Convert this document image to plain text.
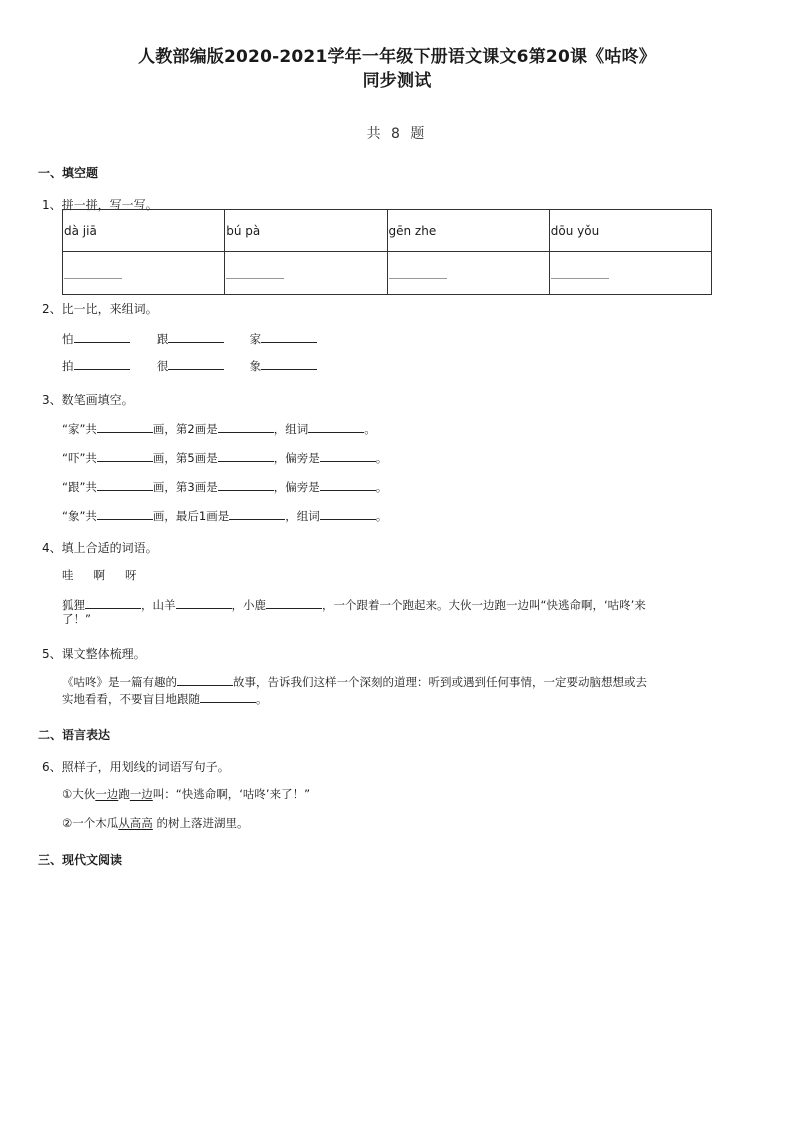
人教部编版2020-2021学年一年级下册语文课文6第20课《咕咚》
同步测试
共 8 题
一、填空题
1、拼一拼，写一写。
dà jiā	bú pà	gēn zhe	dōu yǒu

2、比一比，来组词。
怕	跟	家
拍	很	象
3、数笔画填空。
“家”共	画，第2画是	，组词	。
“吓”共	画，第5画是	，偏旁是	。
“跟”共	画，第3画是	，偏旁是	。
“象”共	画，最后1画是	，组词	。
4、填上合适的词语。
哇 啊 呀
狐狸	，山羊	，小鹿	，一个跟着一个跑起来。大伙一边跑一边叫“快逃命啊，‘咕咚’来
了！”
5、课文整体梳理。
《咕咚》是一篇有趣的	故事，告诉我们这样一个深刻的道理：听到或遇到任何事情，一定要动脑想想或去
实地看看，不要盲目地跟随	。
二、语言表达
6、照样子，用划线的词语写句子。
①大伙一边跑一边叫：“快逃命啊，‘咕咚’来了！”
②一个木瓜从高高 的树上落进湖里。
三、现代文阅读
